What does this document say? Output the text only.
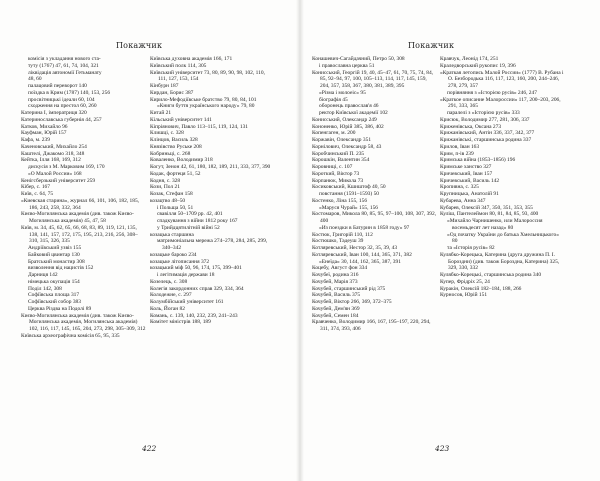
Покажчик
комісія з укладання нового ста-
туту (1767) 47, 61, 74, 104, 321
ліквідація автономії Гетьманату
48, 60
палацовий переворот 140
поїздка в Крим (1787) 140, 153, 256
просвітницькі ідеали 60, 104
сходження на престол 60, 260
Катерина І, імператриця 320
Катеринославська губернія 44, 257
Катков, Михайло 96
Кауфман, Юрій 157
Кафа, м. 239
Каченовський, Михайло 254
Каштелі, Джакомо 318, 348
Кейтка, Ілля 168, 169, 312
дискусія з М. Марковим 169, 170
«О Малой России» 168
Кенігсберзький університет 259
Кібер, с. 167
Київ, с. 64, 75
«Киевская старина», журнал 66, 101, 106, 182, 185, 186, 243, 258, 332, 364
Києво-Могилянська академія (див. також Києво-Могилянська академія) 45, 47, 58
Київ, м. 34, 45, 62, 65, 66, 68, 83, 89, 119, 121, 135, 138, 141, 157, 172, 175, 195, 213, 216, 256, 308–310, 315, 326, 335
Андріївський узвіз 155
Байковий цвинтар 130
Братський монастир 308
визволення від нацистів 152
Дарниця 142
німецька окупація 154
Поділ 142, 308
Софіївська площа 317
Софіївський собор 383
Церква Різдва на Подолі 89
Києво-Могилянська академія (див. також Києво-Могилянська академія, Могилянська академія) 102, 116, 117, 145, 165, 204, 273, 298, 305–309, 312
Київська археографічна комісія 65, 95, 335
Київська духовна академія 166, 171
Київський полк 114, 305
Київський університет 73, 80, 89, 90, 98, 102, 110, 111, 127, 153, 154
Кінбурн 187
Кирдан, Борис 387
Кирило-Мефодіївське братство 79, 80, 84, 101
«Книги буття українського народу» 79, 80
Китай 21
Кільський університет 141
Кіпріянович, Павло 113–115, 119, 124, 131
Клишці, с. 328
Клінцов, Василь 328
Князівство Руське 208
Кобриньці, с. 268
Коваленко, Володимир 318
Когут, Зенон 42, 61, 180, 182, 189, 211, 333, 377, 390
Кодак, фортеця 51, 52
Кодня, с. 328
Кози, Пол 21
Козак, Стефан 158
козацтво 48–50
і Польща 50, 51
свавілля 50–1709 рр. 42, 401
спадкування з війни 1812 року 167
у Трийдцятилітній війні 52
козацька старшина
матримоніальна мережа 274–278, 284, 285, 299, 340–342
козацьке бароко 234
козацьке літописання 372
козацький міф 50, 96, 174, 175, 399–401
і легітимація держави 18
Козелець, с. 308
Колегія закордонних справ 329, 334, 364
Колодежне, с. 297
Колумбійський університет 161
Коль, Йоган 82
Комань, с. 139, 140, 232, 239, 241–243
Комітет міністрів 188, 189
422
Покажчик
Конашевич-Сагайдачний, Петро 50, 308
і православна церква 51
Конисський, Георгій 19, 40, 45–47, 61, 70, 75, 74, 84, 85, 92–94, 97, 100, 105–113, 114, 117, 145, 159, 204, 357, 358, 367, 380, 381, 389, 395
«Різма і молоеіс» 95
біографія 45
оборонець православ'я 46
ректор Київської академії 102
Конисський, Олександр 249
Кононенко, Юрій 385, 386, 402
Копенгаген, м. 200
Коржавін, Олександр 351
Корнілович, Олександр 58, 43
Коробчинський П. 235
Корошкін, Валентин 354
Коровниці, с. 107
Короткий, Віктор 73
Корпанюк, Микола 73
Косиковський, Кшиштоф 40, 50
повстання (1591–1593) 50
Костенко, Ліна 155, 156
«Маруся Чурай» 155, 156
Костомаров, Микола 80, 85, 95, 97–100, 108, 307, 392, 400
«Из поездки в Батурин в 1858 году» 97
Костюк, Григорій 110, 112
Костюшко, Тадеуш 39
Котляревський, Нестор 32, 35, 39, 43
Котляревський, Іван 100, 144, 365, 371, 382
«Енеїда» 30, 144, 162, 365, 387, 391
Коцебу, Август фон 334
Кочубеї, родина 316
Кочубей, Марія 373
Кочубей, старшинський рід 375
Кочубей, Василь 375
Кочубей, Віктор 266, 369, 372–375
Кочубей, Дем'ян 369
Кочубей, Семен 184
Кравченко, Володимир 166, 167, 195–197, 220, 294, 311, 374, 393, 406
Кравчук, Леонід 174, 251
Краледворський рукопис 19, 396
«Краткая летопись Малой России» (1777) В. Рубана і О. Безбородька 116, 117, 123, 160, 200, 244–246, 278, 279, 357
порівняння з «Історією русів» 246, 247
«Краткое описание Малороссии» 117, 200–203, 206, 291, 333, 365
паралелі з «Історією русів» 333
Крисюк, Володимир 277, 281, 306, 337
Криженівська, Оксана 273
Крижанівський, Антін 336, 337, 342, 377
Крижанівські, старшинська родина 337
Крилов, Іван 163
Крим, п-ів 239
Кримська війна (1853–1856) 196
Кримське ханство 327
Кричевський, Іван 157
Кричевський, Василь 142
Кропивна, с. 325
Крупницька, Анатолій 91
Кубарева, Анна 347
Кубарев, Олексій 347, 350, 351, 353, 355
Куліш, Пантелеймон 80, 81, 84, 85, 93, 400
«Михайло Чарнишенко, или Малороссия восемьдесят лет назад» 80
«Од початку України до батька Хмельницького» 80
та «Історія русів» 82
Кулябко-Корецька, Катерина (друга дружина П. І. Бороздни) (див. також Бороздна, Катерина) 325, 329, 330, 332
Кулябко-Корецькі, старшинська родина 340
Купер, Фрідріх 25, 24
Куракін, Олексій 182–184, 188, 266
Курносов, Юрій 151
423
